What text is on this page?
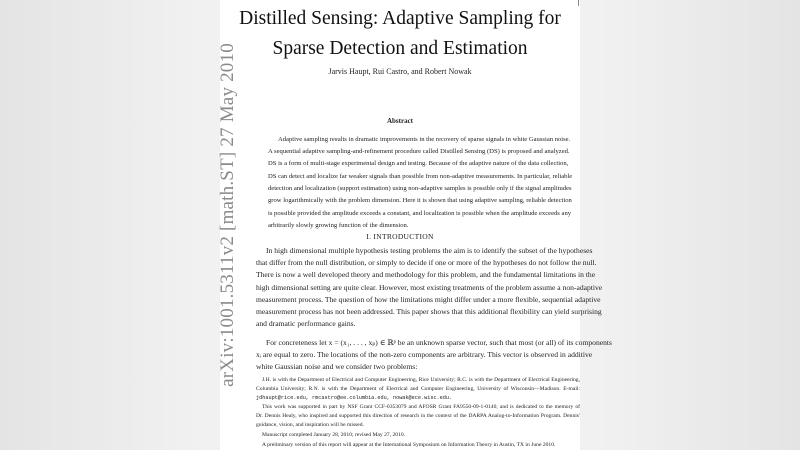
arXiv:1001.5311v2 [math.ST] 27 May 2010
Distilled Sensing: Adaptive Sampling for
Sparse Detection and Estimation
Jarvis Haupt, Rui Castro, and Robert Nowak
Abstract
Adaptive sampling results in dramatic improvements in the recovery of sparse signals in white Gaussian noise.
A sequential adaptive sampling-and-refinement procedure called Distilled Sensing (DS) is proposed and analyzed.
DS is a form of multi-stage experimental design and testing. Because of the adaptive nature of the data collection,
DS can detect and localize far weaker signals than possible from non-adaptive measurements. In particular, reliable
detection and localization (support estimation) using non-adaptive samples is possible only if the signal amplitudes
grow logarithmically with the problem dimension. Here it is shown that using adaptive sampling, reliable detection
is possible provided the amplitude exceeds a constant, and localization is possible when the amplitude exceeds any
arbitrarily slowly growing function of the dimension.
I. INTRODUCTION
In high dimensional multiple hypothesis testing problems the aim is to identify the subset of the hypotheses
that differ from the null distribution, or simply to decide if one or more of the hypotheses do not follow the null.
There is now a well developed theory and methodology for this problem, and the fundamental limitations in the
high dimensional setting are quite clear. However, most existing treatments of the problem assume a non-adaptive
measurement process. The question of how the limitations might differ under a more flexible, sequential adaptive
measurement process has not been addressed. This paper shows that this additional flexibility can yield surprising
and dramatic performance gains.
For concreteness let x = (x₁, . . . , xₚ) ∈ ℝᵖ be an unknown sparse vector, such that most (or all) of its components
xᵢ are equal to zero. The locations of the non-zero components are arbitrary. This vector is observed in additive
white Gaussian noise and we consider two problems:
J.H. is with the Department of Electrical and Computer Engineering, Rice University; R.C. is with the Department of Electrical Engineering,
Columbia University; R.N. is with the Department of Electrical and Computer Engineering, University of Wisconsin—Madison. E-mail:
jdhaupt@rice.edu, rmcastro@ee.columbia.edu, nowak@ece.wisc.edu.
This work was supported in part by NSF Grant CCF-0353079 and AFOSR Grant FA9550-09-1-0140, and is dedicated to the memory of
Dr. Dennis Healy, who inspired and supported this direction of research in the context of the DARPA Analog-to-Information Program. Dennis'
guidance, vision, and inspiration will be missed.
Manuscript completed January 28, 2010; revised May 27, 2010.
A preliminary version of this report will appear at the International Symposium on Information Theory in Austin, TX in June 2010.
